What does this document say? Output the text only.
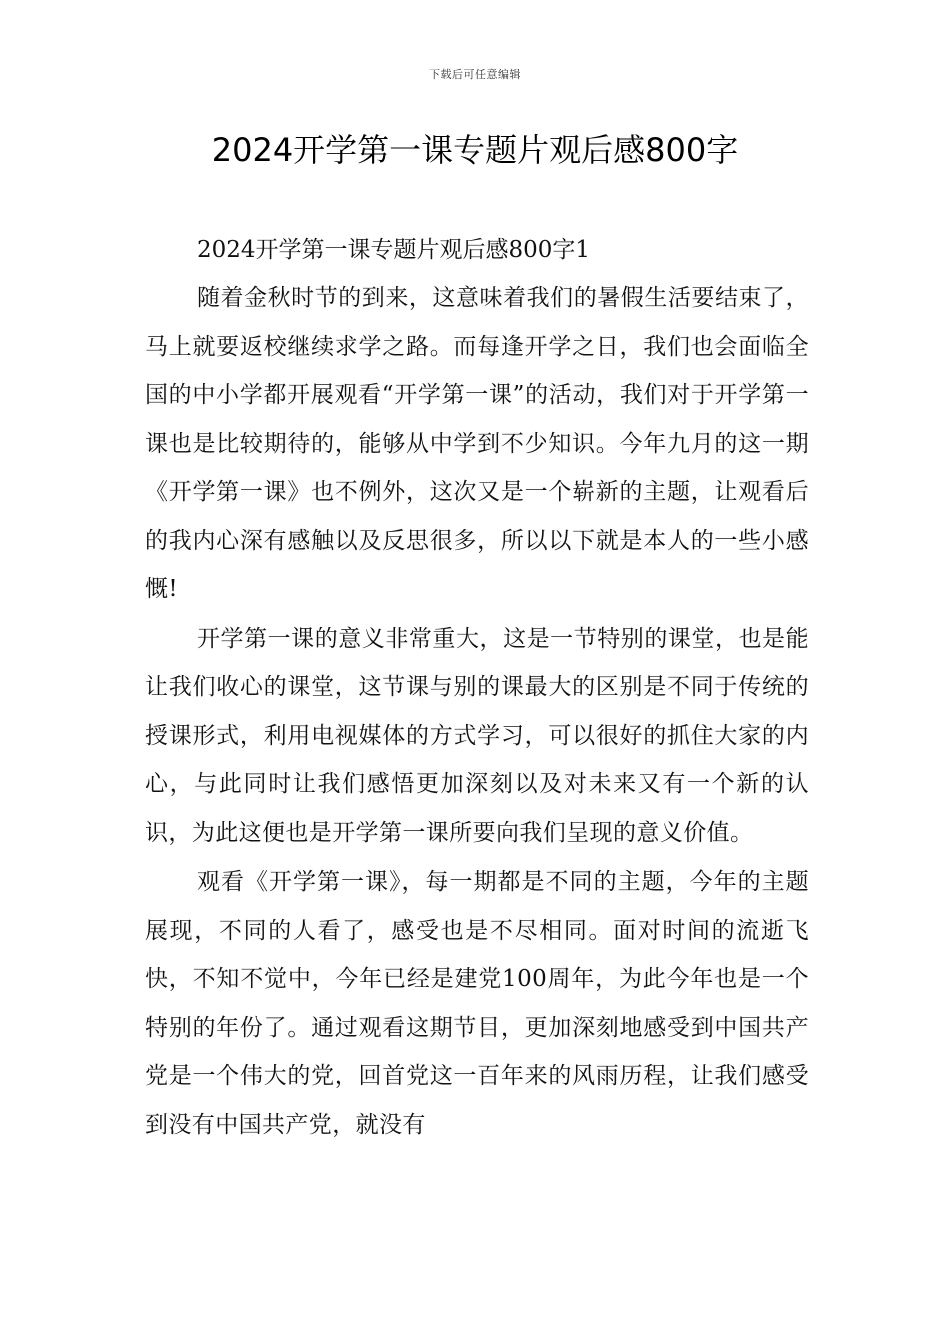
下载后可任意编辑
2024开学第一课专题片观后感800字

2024开学第一课专题片观后感800字1

随着金秋时节的到来，这意味着我们的暑假生活要结束了，马上就要返校继续求学之路。而每逢开学之日，我们也会面临全国的中小学都开展观看“开学第一课”的活动，我们对于开学第一课也是比较期待的，能够从中学到不少知识。今年九月的这一期《开学第一课》也不例外，这次又是一个崭新的主题，让观看后的我内心深有感触以及反思很多，所以以下就是本人的一些小感慨!

开学第一课的意义非常重大，这是一节特别的课堂，也是能让我们收心的课堂，这节课与别的课最大的区别是不同于传统的授课形式，利用电视媒体的方式学习，可以很好的抓住大家的内心，与此同时让我们感悟更加深刻以及对未来又有一个新的认识，为此这便也是开学第一课所要向我们呈现的意义价值。

观看《开学第一课》，每一期都是不同的主题，今年的主题展现，不同的人看了，感受也是不尽相同。面对时间的流逝飞快，不知不觉中，今年已经是建党100周年，为此今年也是一个特别的年份了。通过观看这期节目，更加深刻地感受到中国共产党是一个伟大的党，回首党这一百年来的风雨历程，让我们感受到没有中国共产党，就没有
